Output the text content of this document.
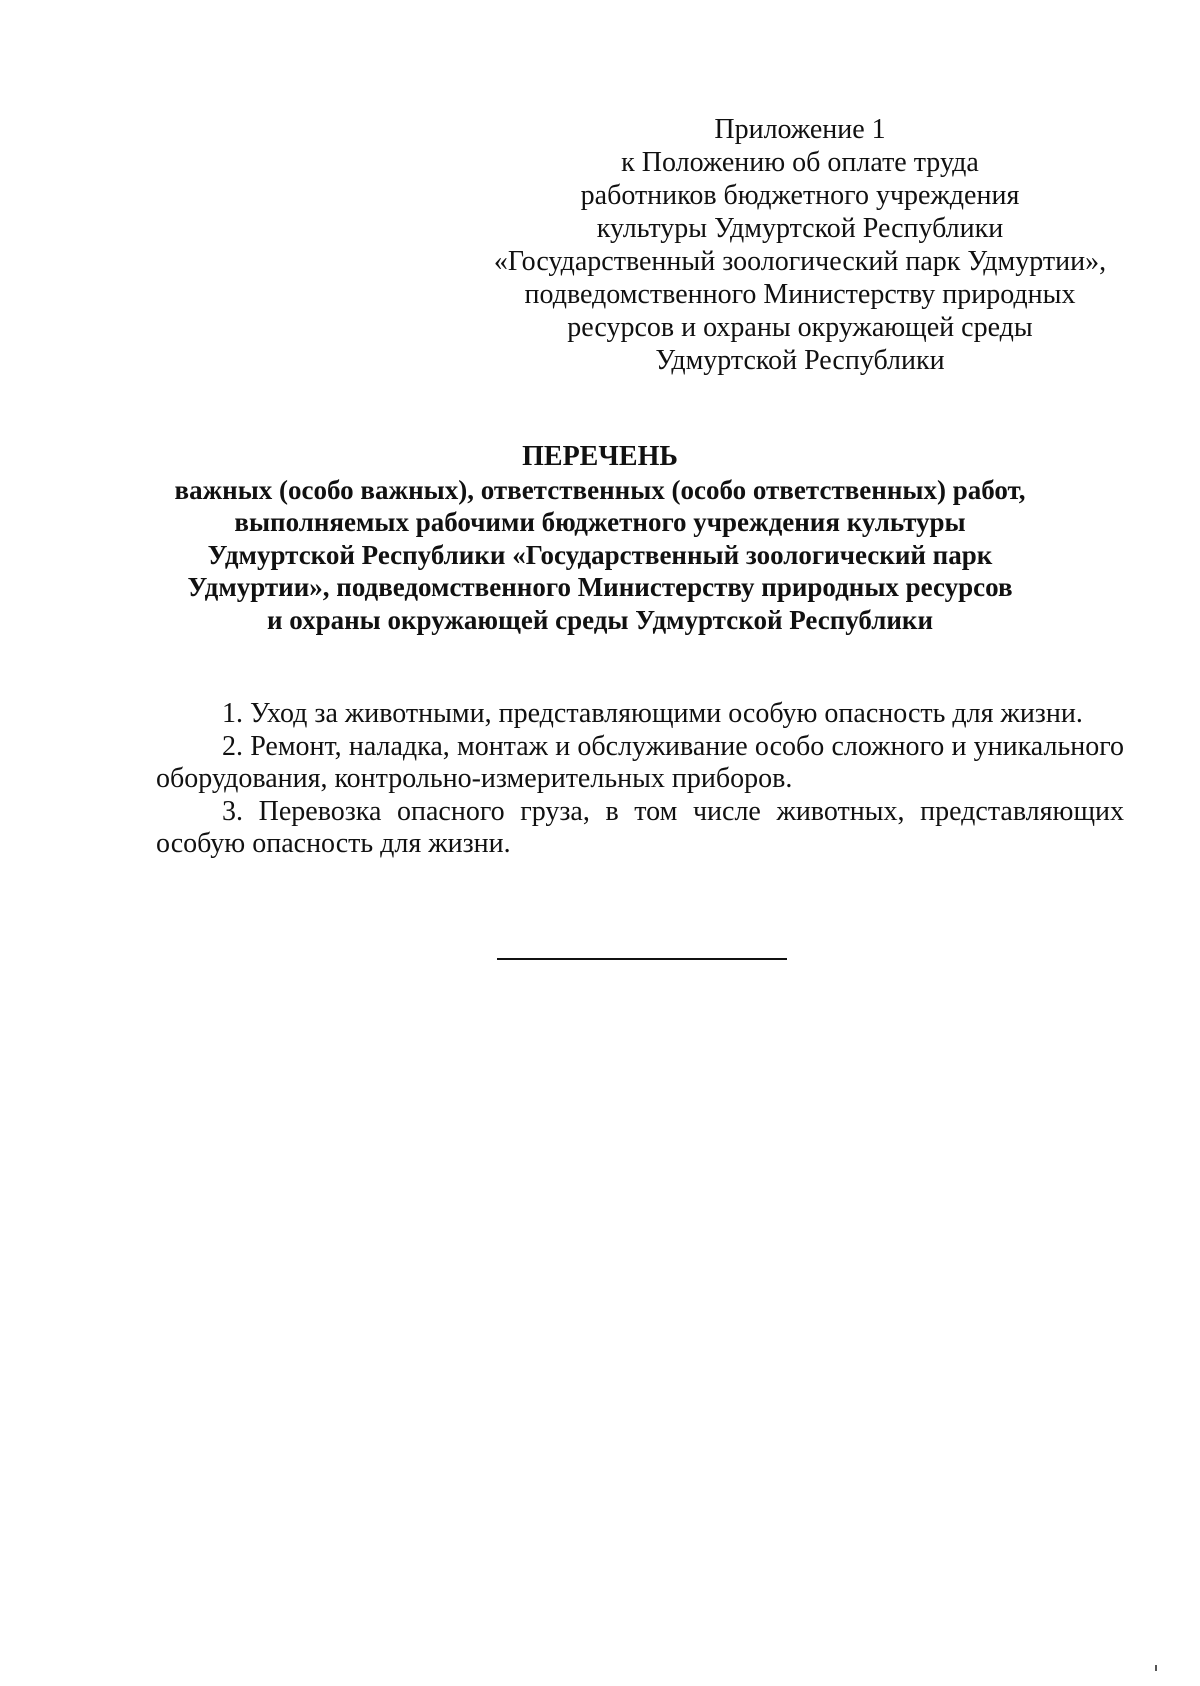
Приложение 1
к Положению об оплате труда
работников бюджетного учреждения
культуры Удмуртской Республики
«Государственный зоологический парк Удмуртии»,
подведомственного Министерству природных
ресурсов и охраны окружающей среды
Удмуртской Республики
ПЕРЕЧЕНЬ
важных (особо важных), ответственных (особо ответственных) работ,
выполняемых рабочими бюджетного учреждения культуры
Удмуртской Республики «Государственный зоологический парк
Удмуртии», подведомственного Министерству природных ресурсов
и охраны окружающей среды Удмуртской Республики

1. Уход за животными, представляющими особую опасность для жизни.

2. Ремонт, наладка, монтаж и обслуживание особо сложного и уникального оборудования, контрольно-измерительных приборов.

3. Перевозка опасного груза, в том числе животных, представляющих особую опасность для жизни.
